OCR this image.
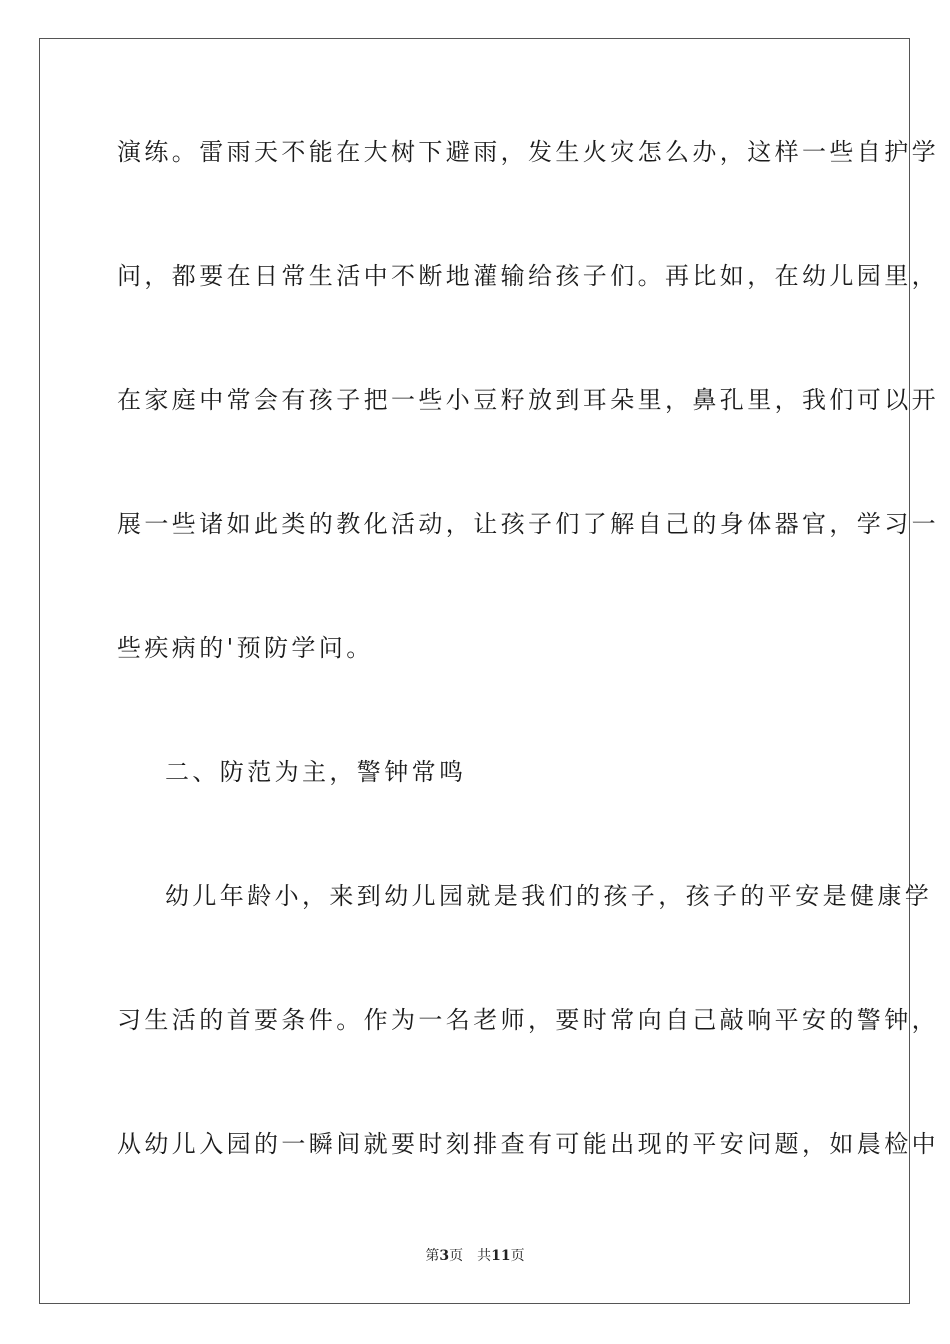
演练。雷雨天不能在大树下避雨，发生火灾怎么办，这样一些自护学
问，都要在日常生活中不断地灌输给孩子们。再比如，在幼儿园里，
在家庭中常会有孩子把一些小豆籽放到耳朵里，鼻孔里，我们可以开
展一些诸如此类的教化活动，让孩子们了解自己的身体器官，学习一
些疾病的'预防学问。
二、防范为主，警钟常鸣
幼儿年龄小，来到幼儿园就是我们的孩子，孩子的平安是健康学
习生活的首要条件。作为一名老师，要时常向自己敲响平安的警钟，
从幼儿入园的一瞬间就要时刻排查有可能出现的平安问题，如晨检中
第3页 共11页
